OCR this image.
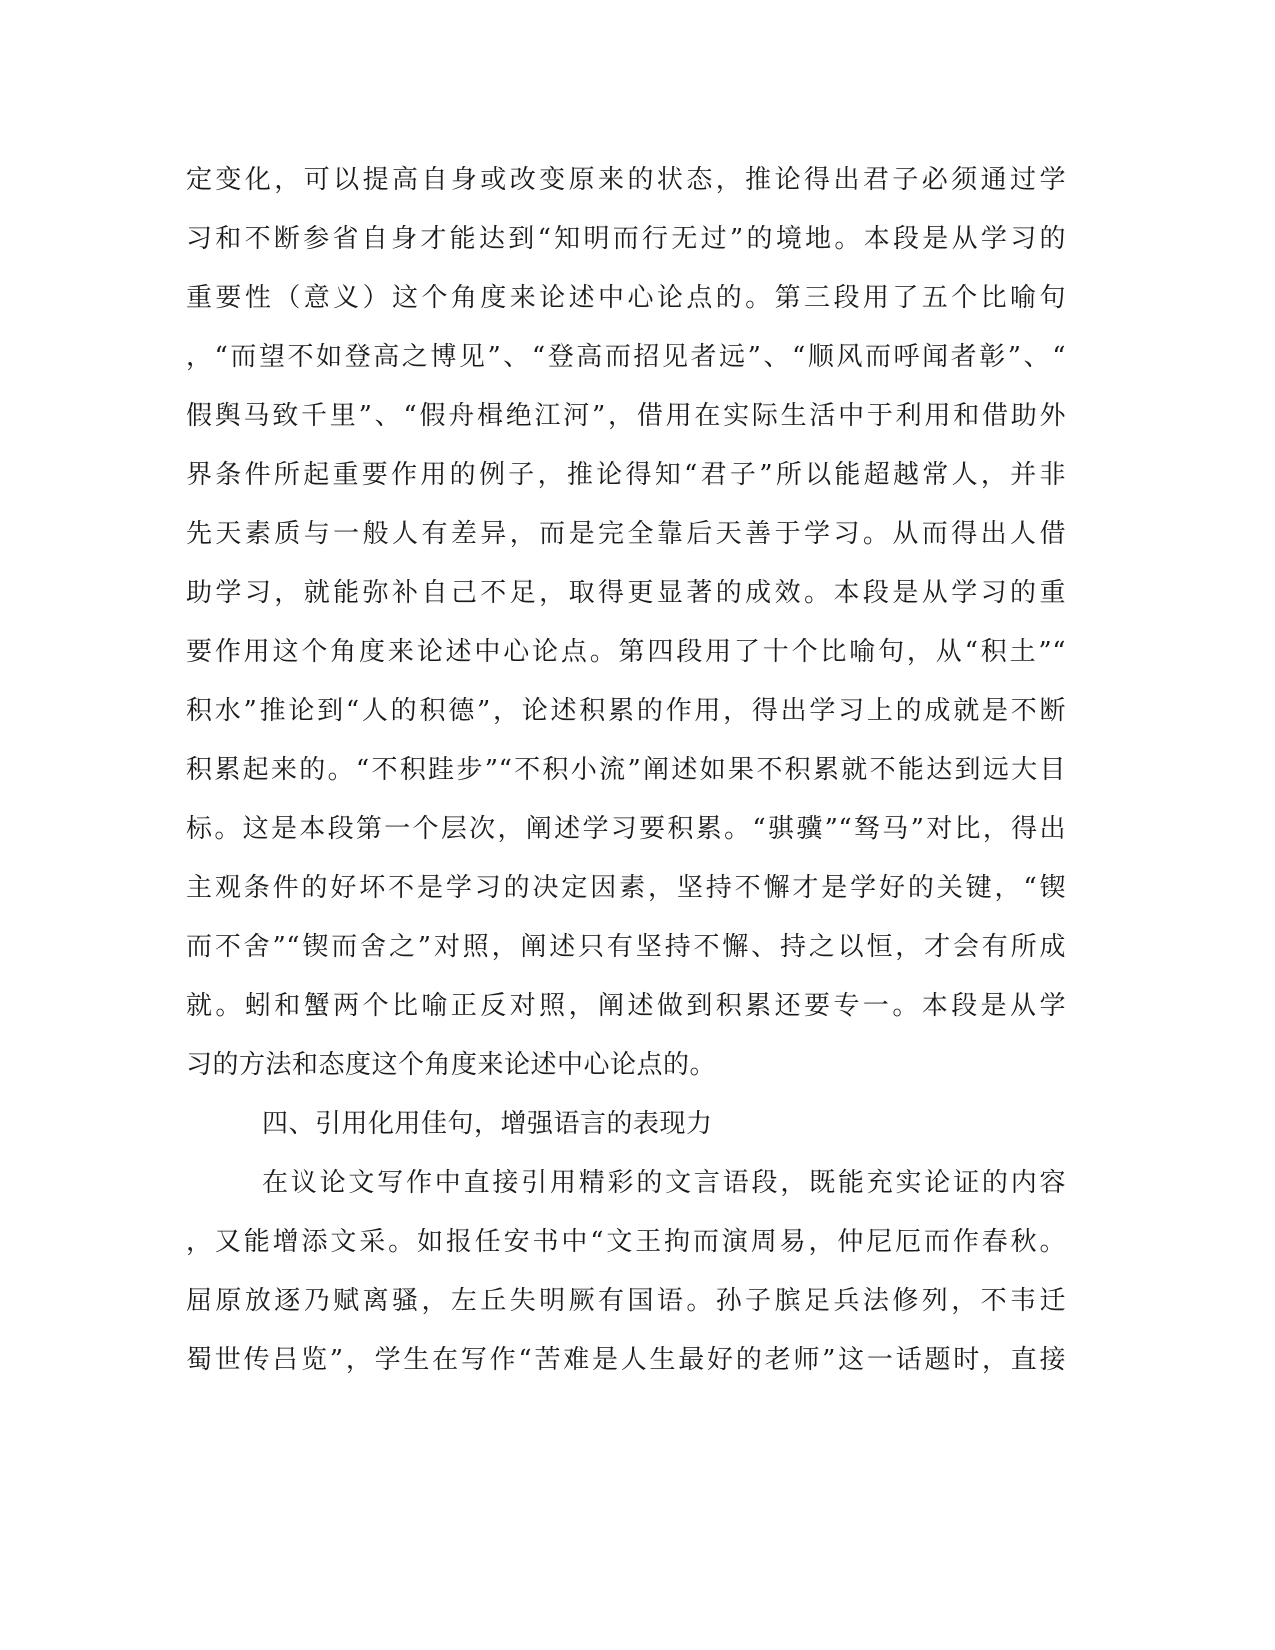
定变化，可以提高自身或改变原来的状态，推论得出君子必须通过学

习和不断参省自身才能达到“知明而行无过”的境地。本段是从学习的

重要性（意义）这个角度来论述中心论点的。第三段用了五个比喻句

，“而望不如登高之博见”、“登高而招见者远”、“顺风而呼闻者彰”、“

假舆马致千里”、“假舟楫绝江河”，借用在实际生活中于利用和借助外

界条件所起重要作用的例子，推论得知“君子”所以能超越常人，并非

先天素质与一般人有差异，而是完全靠后天善于学习。从而得出人借

助学习，就能弥补自己不足，取得更显著的成效。本段是从学习的重

要作用这个角度来论述中心论点。第四段用了十个比喻句，从“积土”“

积水”推论到“人的积德”，论述积累的作用，得出学习上的成就是不断

积累起来的。“不积跬步”“不积小流”阐述如果不积累就不能达到远大目

标。这是本段第一个层次，阐述学习要积累。“骐骥”“驽马”对比，得出

主观条件的好坏不是学习的决定因素，坚持不懈才是学好的关键，“锲

而不舍”“锲而舍之”对照，阐述只有坚持不懈、持之以恒，才会有所成

就。蚓和蟹两个比喻正反对照，阐述做到积累还要专一。本段是从学

习的方法和态度这个角度来论述中心论点的。

四、引用化用佳句，增强语言的表现力

在议论文写作中直接引用精彩的文言语段，既能充实论证的内容

，又能增添文采。如报任安书中“文王拘而演周易，仲尼厄而作春秋。

屈原放逐乃赋离骚，左丘失明厥有国语。孙子膑足兵法修列，不韦迁

蜀世传吕览”，学生在写作“苦难是人生最好的老师”这一话题时，直接
